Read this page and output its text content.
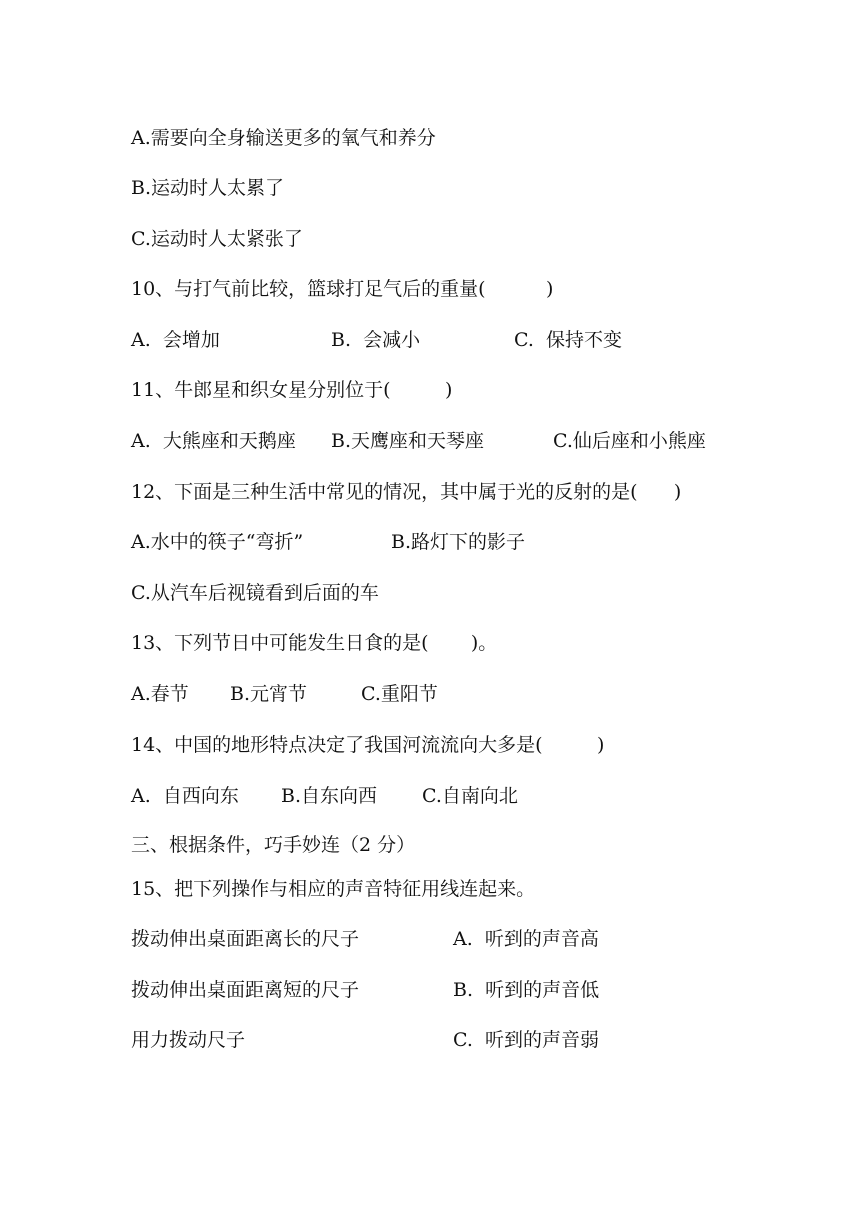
A.需要向全身输送更多的氧气和养分
B.运动时人太累了
C.运动时人太紧张了
10、与打气前比较，篮球打足气后的重量(          )
A.  会增加	B.  会减小	C.  保持不变
11、牛郎星和织女星分别位于(         )
A.  大熊座和天鹅座 B.天鹰座和天琴座	C.仙后座和小熊座
12、下面是三种生活中常见的情况，其中属于光的反射的是(      )
A.水中的筷子“弯折”	B.路灯下的影子
C.从汽车后视镜看到后面的车
13、下列节日中可能发生日食的是(       )。
A.春节 B.元宵节	C.重阳节
14、中国的地形特点决定了我国河流流向大多是(         )
A.  自西向东 B.自东向西 C.自南向北
三、根据条件，巧手妙连（2 分）
15、把下列操作与相应的声音特征用线连起来。
拨动伸出桌面距离长的尺子	A.  听到的声音高
拨动伸出桌面距离短的尺子	B.  听到的声音低
用力拨动尺子	C.  听到的声音弱
